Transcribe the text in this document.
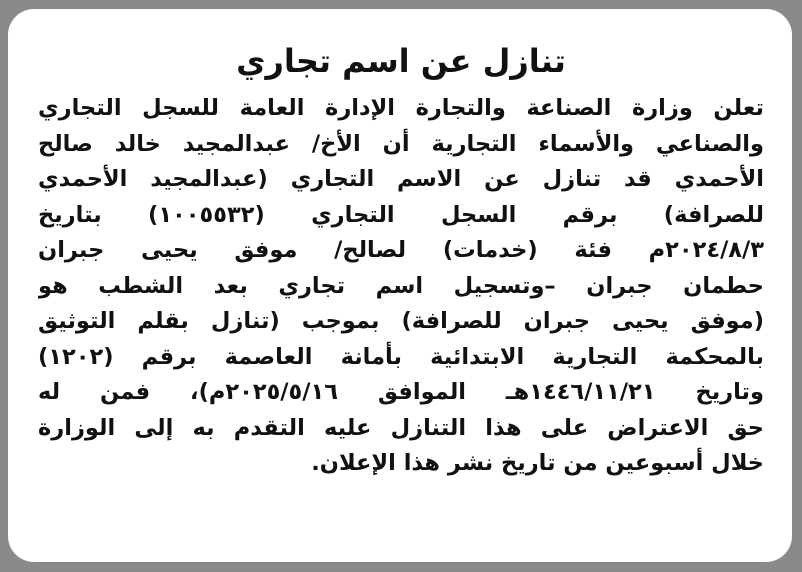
تنازل عن اسم تجاري
تعلن وزارة الصناعة والتجارة الإدارة العامة للسجل التجاري
والصناعي والأسماء التجارية أن الأخ/ عبدالمجيد خالد صالح
الأحمدي قد تنازل عن الاسم التجاري (عبدالمجيد الأحمدي
للصرافة) برقم السجل التجاري (١٠٠٥٥٣٢) بتاريخ
٢٠٢٤/٨/٣م فئة (خدمات) لصالح/ موفق يحيى جبران
حطمان جبران –وتسجيل اسم تجاري بعد الشطب هو
(موفق يحيى جبران للصرافة) بموجب (تنازل بقلم التوثيق
بالمحكمة التجارية الابتدائية بأمانة العاصمة برقم (١٢٠٢)
وتاريخ ١٤٤٦/١١/٢١هـ الموافق ٢٠٢٥/٥/١٦م)، فمن له
حق الاعتراض على هذا التنازل عليه التقدم به إلى الوزارة
خلال أسبوعين من تاريخ نشر هذا الإعلان.
